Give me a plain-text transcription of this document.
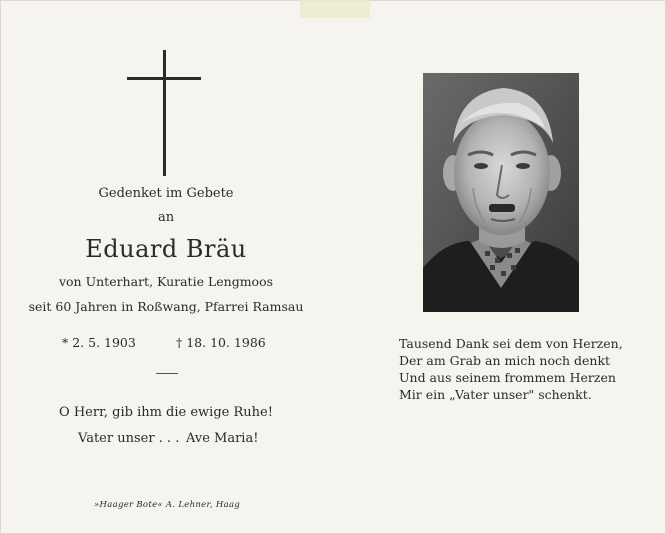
Gedenket im Gebete
an
Eduard Bräu
von Unterhart, Kuratie Lengmoos
seit 60 Jahren in Roßwang, Pfarrei Ramsau
* 2. 5. 1903	† 18. 10. 1986
O Herr, gib ihm die ewige Ruhe!
Vater unser . . . Ave Maria!
»Haager Bote« A. Lehner, Haag
Tausend Dank sei dem von Herzen,
Der am Grab an mich noch denkt
Und aus seinem frommem Herzen
Mir ein „Vater unser" schenkt.
